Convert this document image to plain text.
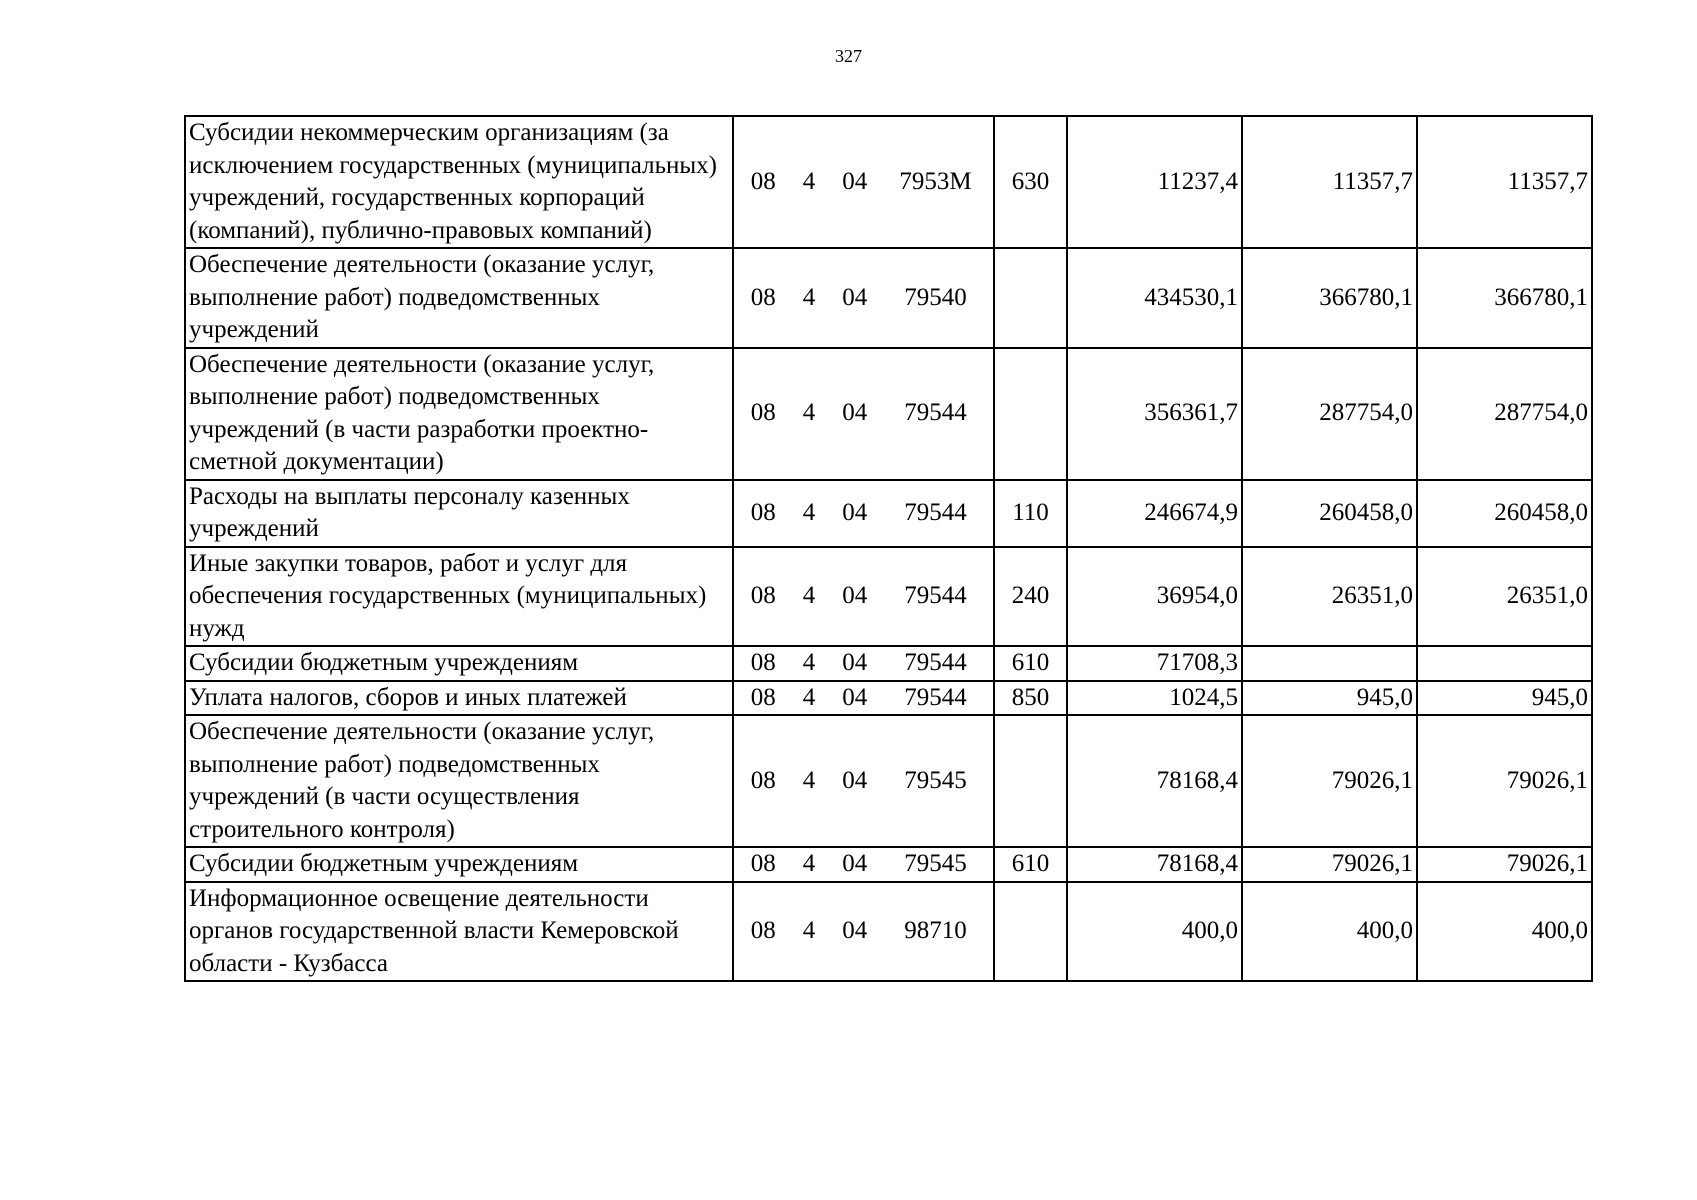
327
Субсидии некоммерческим организациям (за исключением государственных (муниципальных) учреждений, государственных корпораций (компаний), публично-правовых компаний)	08 4 04 7953М	630	11237,4	11357,7	11357,7
Обеспечение деятельности (оказание услуг, выполнение работ) подведомственных учреждений	08 4 04 79540		434530,1	366780,1	366780,1
Обеспечение деятельности (оказание услуг, выполнение работ) подведомственных учреждений (в части разработки проектно-сметной документации)	08 4 04 79544		356361,7	287754,0	287754,0
Расходы на выплаты персоналу казенных учреждений	08 4 04 79544	110	246674,9	260458,0	260458,0
Иные закупки товаров, работ и услуг для обеспечения государственных (муниципальных) нужд	08 4 04 79544	240	36954,0	26351,0	26351,0
Субсидии бюджетным учреждениям	08 4 04 79544	610	71708,3		
Уплата налогов, сборов и иных платежей	08 4 04 79544	850	1024,5	945,0	945,0
Обеспечение деятельности (оказание услуг, выполнение работ) подведомственных учреждений (в части осуществления строительного контроля)	08 4 04 79545		78168,4	79026,1	79026,1
Субсидии бюджетным учреждениям	08 4 04 79545	610	78168,4	79026,1	79026,1
Информационное освещение деятельности органов государственной власти Кемеровской области - Кузбасса	08 4 04 98710		400,0	400,0	400,0
